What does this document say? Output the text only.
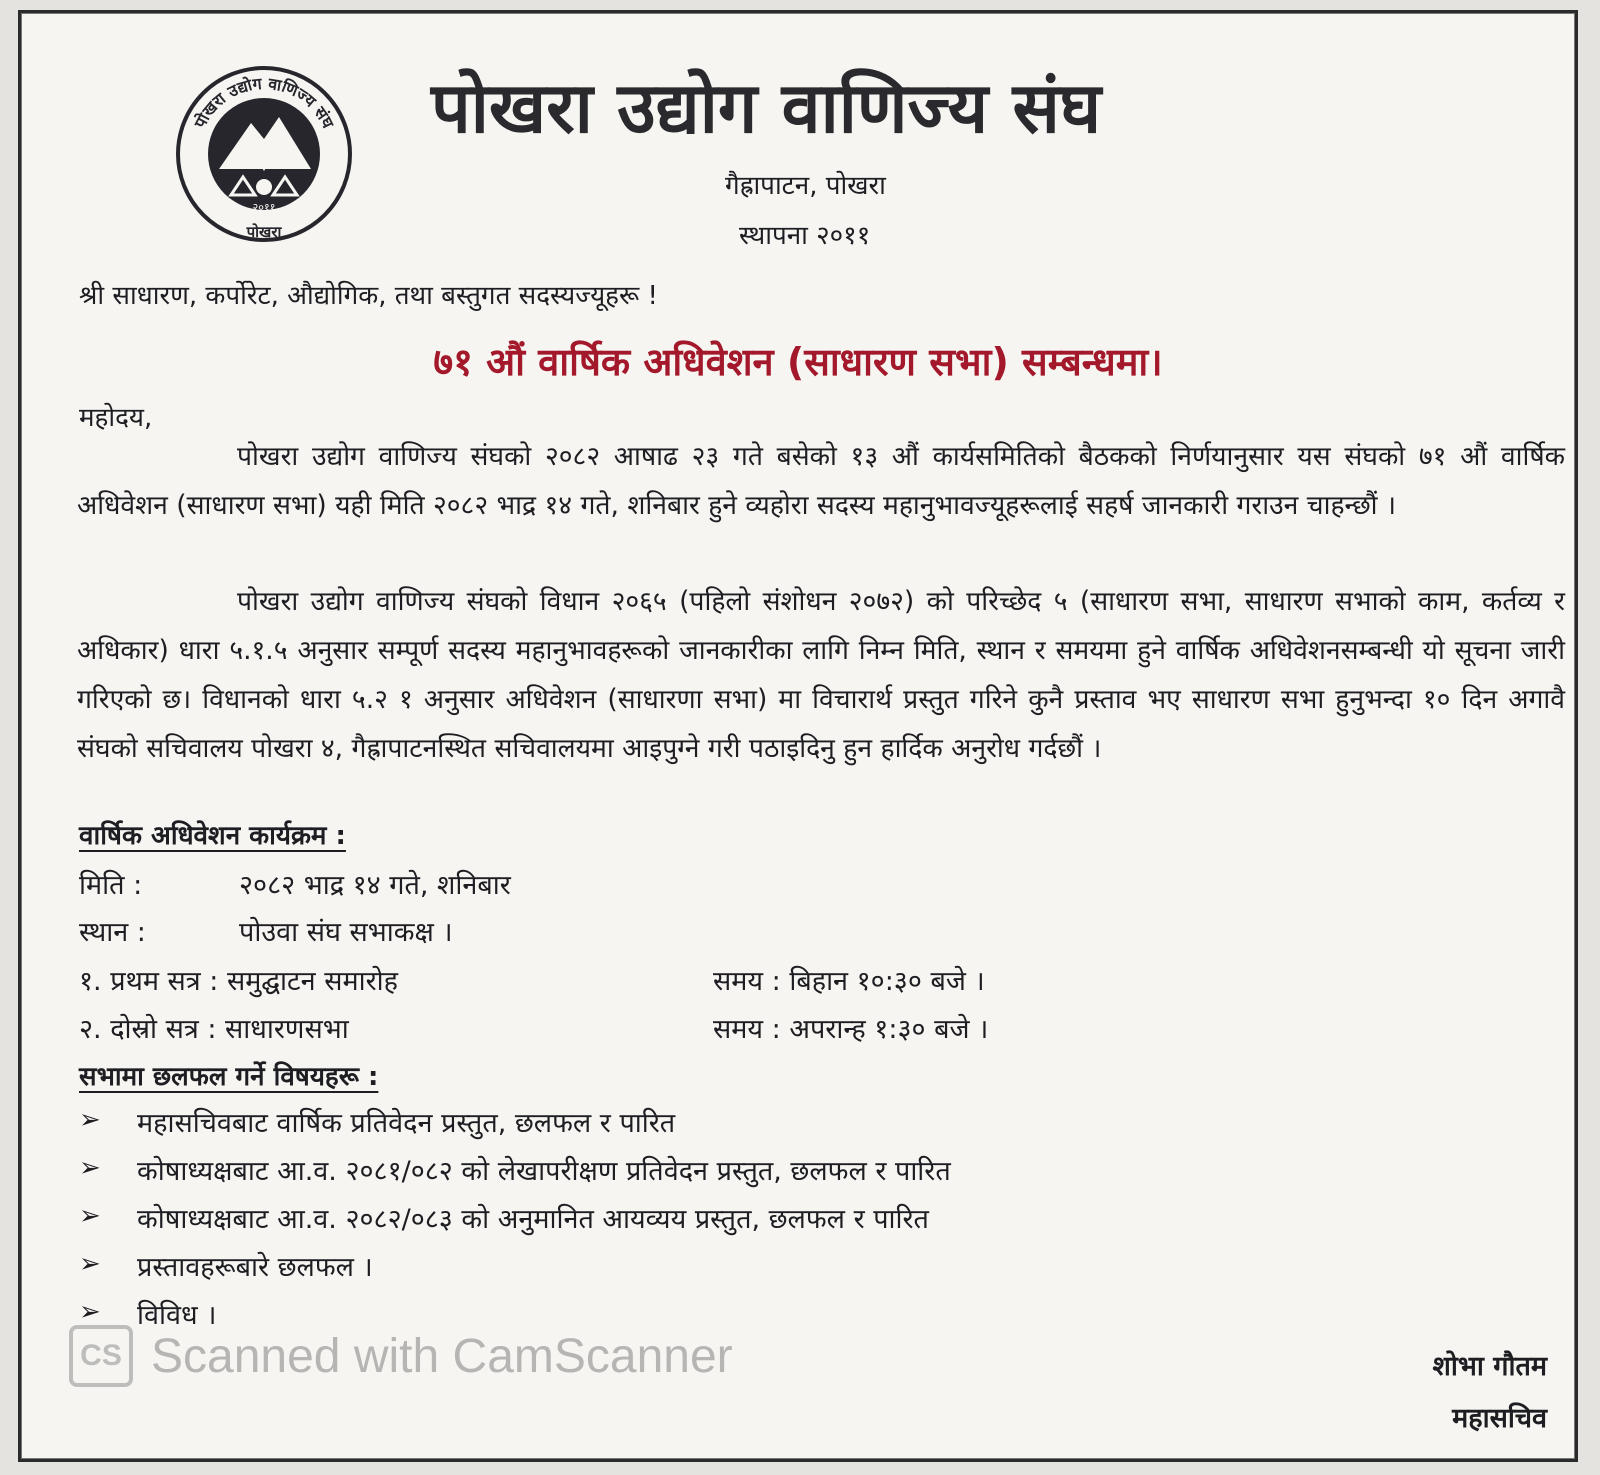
पोखरा उद्योग वाणिज्य संघ
२०११
पोखरा
पोखरा उद्योग वाणिज्य संघ
गैह्रापाटन, पोखरा
स्थापना २०११
श्री साधारण, कर्पोरेट, औद्योगिक, तथा बस्तुगत सदस्यज्यूहरू !
७१ औं वार्षिक अधिवेशन (साधारण सभा) सम्बन्धमा।
महोदय,

पोखरा उद्योग वाणिज्य संघको २०८२ आषाढ २३ गते बसेको १३ औं कार्यसमितिको बैठकको निर्णयानुसार यस संघको ७१ औं वार्षिक अधिवेशन (साधारण सभा) यही मिति २०८२ भाद्र १४ गते, शनिबार हुने व्यहोरा सदस्य महानुभावज्यूहरूलाई सहर्ष जानकारी गराउन चाहन्छौं ।

पोखरा उद्योग वाणिज्य संघको विधान २०६५ (पहिलो संशोधन २०७२) को परिच्छेद ५ (साधारण सभा, साधारण सभाको काम, कर्तव्य र अधिकार) धारा ५.१.५ अनुसार सम्पूर्ण सदस्य महानुभावहरूको जानकारीका लागि निम्न मिति, स्थान र समयमा हुने वार्षिक अधिवेशनसम्बन्धी यो सूचना जारी गरिएको छ। विधानको धारा ५.२ १ अनुसार अधिवेशन (साधारणा सभा) मा विचारार्थ प्रस्तुत गरिने कुनै प्रस्ताव भए साधारण सभा हुनुभन्दा १० दिन अगावै संघको सचिवालय पोखरा ४, गैह्रापाटनस्थित सचिवालयमा आइपुग्ने गरी पठाइदिनु हुन हार्दिक अनुरोध गर्दछौं ।

वार्षिक अधिवेशन कार्यक्रम :
मिति :	२०८२ भाद्र १४ गते, शनिबार
स्थान :	पोउवा संघ सभाकक्ष ।
१. प्रथम सत्र : समुद्घाटन समारोह	समय : बिहान १०:३० बजे ।
२. दोस्रो सत्र : साधारणसभा	समय : अपरान्ह १:३० बजे ।
सभामा छलफल गर्ने विषयहरू :
➢ महासचिवबाट वार्षिक प्रतिवेदन प्रस्तुत, छलफल र पारित
➢ कोषाध्यक्षबाट आ.व. २०८१/०८२ को लेखापरीक्षण प्रतिवेदन प्रस्तुत, छलफल र पारित
➢ कोषाध्यक्षबाट आ.व. २०८२/०८३ को अनुमानित आयव्यय प्रस्तुत, छलफल र पारित
➢ प्रस्तावहरूबारे छलफल ।
➢ विविध ।
CS Scanned with CamScanner	शोभा गौतम
महासचिव
